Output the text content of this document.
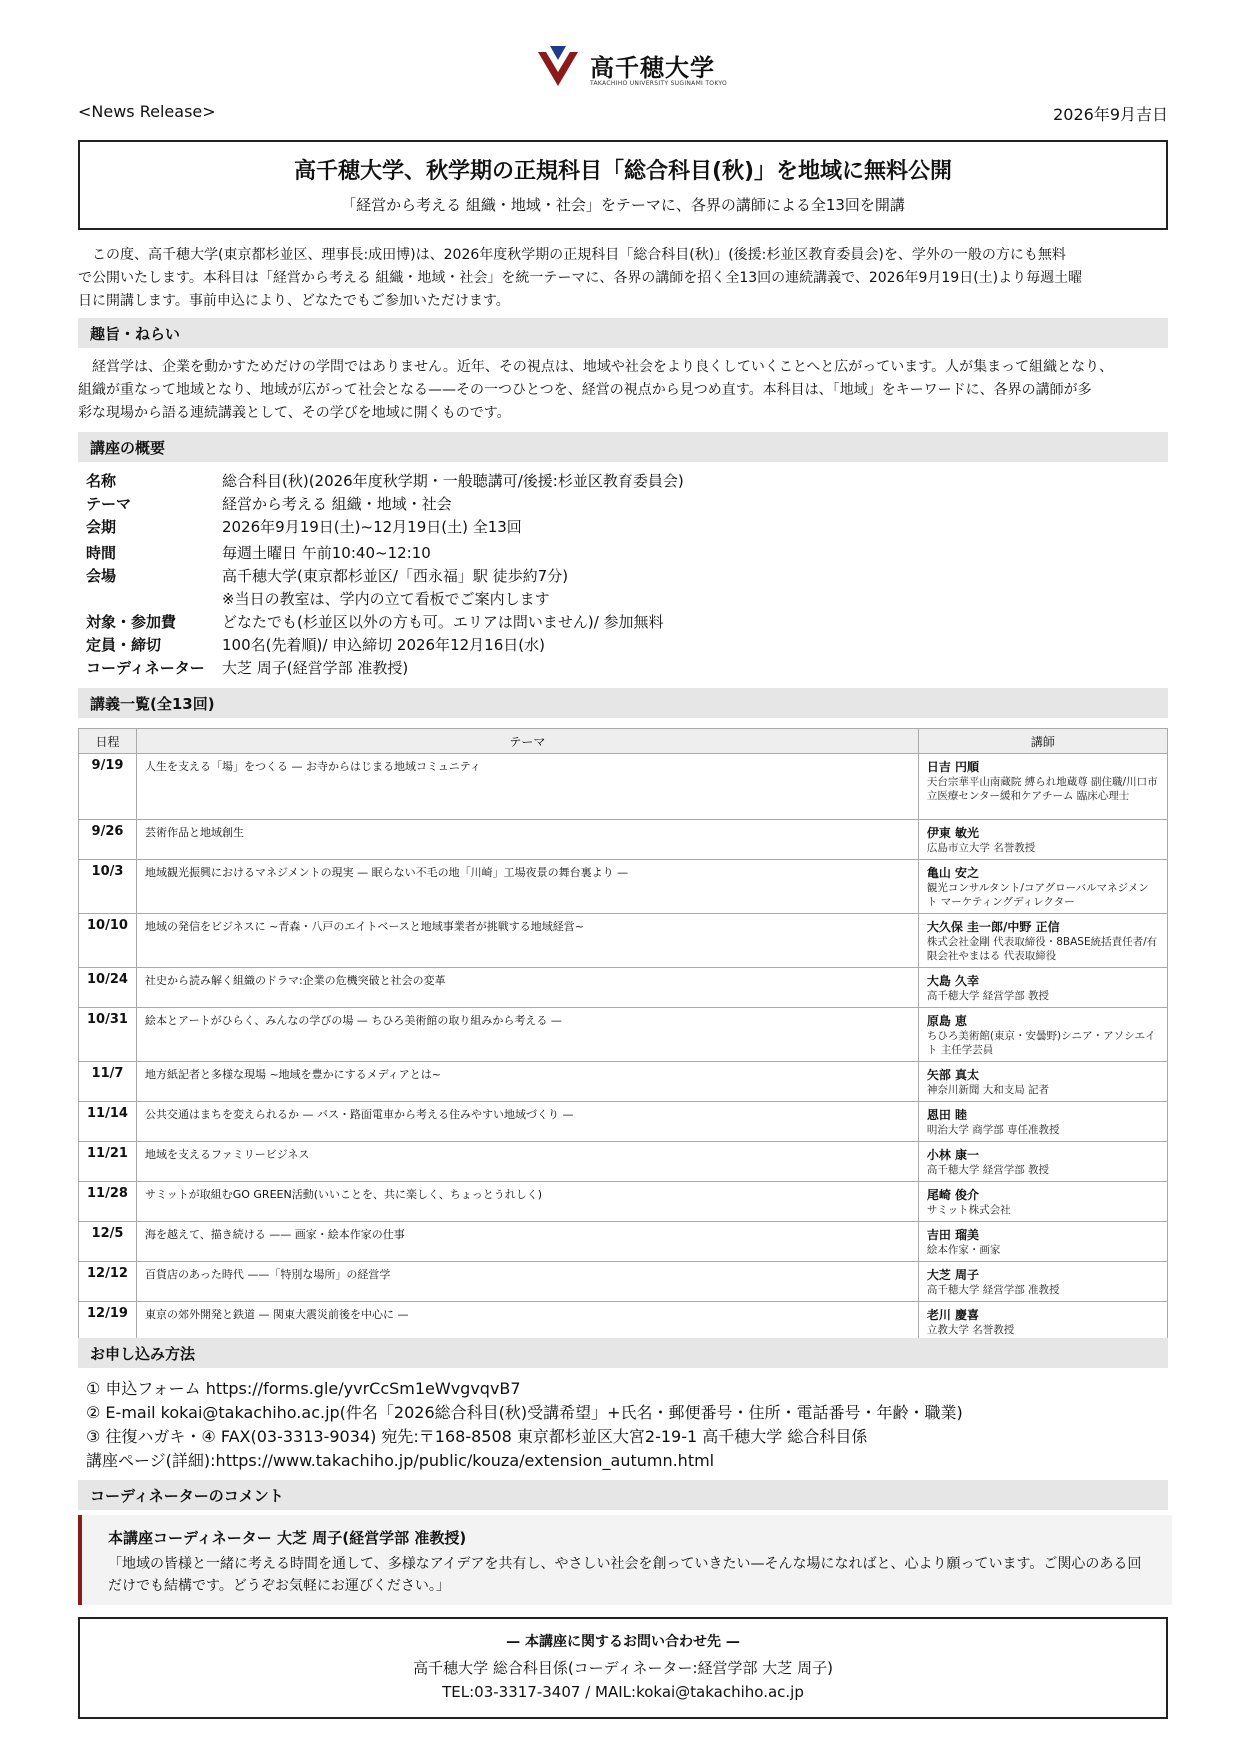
高千穂大学
TAKACHIHO UNIVERSITY SUGINAMI TOKYO
<News Release>	2026年9月吉日
高千穂大学、秋学期の正規科目「総合科目(秋)」を地域に無料公開
「経営から考える 組織・地域・社会」をテーマに、各界の講師による全13回を開講

この度、高千穂大学(東京都杉並区、理事長:成田博)は、2026年度秋学期の正規科目「総合科目(秋)」(後援:杉並区教育委員会)を、学外の一般の方にも無料

で公開いたします。本科目は「経営から考える 組織・地域・社会」を統一テーマに、各界の講師を招く全13回の連続講義で、2026年9月19日(土)より毎週土曜

日に開講します。事前申込により、どなたでもご参加いただけます。

趣旨・ねらい

経営学は、企業を動かすためだけの学問ではありません。近年、その視点は、地域や社会をより良くしていくことへと広がっています。人が集まって組織となり、

組織が重なって地域となり、地域が広がって社会となる——その一つひとつを、経営の視点から見つめ直す。本科目は、「地域」をキーワードに、各界の講師が多

彩な現場から語る連続講義として、その学びを地域に開くものです。

講座の概要
名称	総合科目(秋)(2026年度秋学期・一般聴講可/後援:杉並区教育委員会)
テーマ	経営から考える 組織・地域・社会
会期	2026年9月19日(土)~12月19日(土) 全13回
時間	毎週土曜日 午前10:40~12:10
会場	高千穂大学(東京都杉並区/「西永福」駅 徒歩約7分)
※当日の教室は、学内の立て看板でご案内します
対象・参加費	どなたでも(杉並区以外の方も可。エリアは問いません)/ 参加無料
定員・締切	100名(先着順)/ 申込締切 2026年12月16日(水)
コーディネーター 大芝 周子(経営学部 准教授)
講義一覧(全13回)
日程	テーマ	講師
9/19	人生を支える「場」をつくる — お寺からはじまる地域コミュニティ	日吉 円順
天台宗華平山南蔵院 縛られ地蔵尊 副住職/川口市立医療センター緩和ケアチーム 臨床心理士

9/26	芸術作品と地域創生	伊東 敏光
広島市立大学 名誉教授

10/3	地域観光振興におけるマネジメントの現実 — 眠らない不毛の地「川崎」工場夜景の舞台裏より —	亀山 安之
観光コンサルタント/コアグローバルマネジメント マーケティングディレクター

10/10	地域の発信をビジネスに ~青森・八戸のエイトベースと地域事業者が挑戦する地域経営~	大久保 圭一郎/中野 正信
株式会社金剛 代表取締役・8BASE統括責任者/有限会社やまはる 代表取締役

10/24	社史から読み解く組織のドラマ:企業の危機突破と社会の変革	大島 久幸
高千穂大学 経営学部 教授

10/31	絵本とアートがひらく、みんなの学びの場 — ちひろ美術館の取り組みから考える —	原島 恵
ちひろ美術館(東京・安曇野)シニア・アソシエイト 主任学芸員

11/7	地方紙記者と多様な現場 ~地域を豊かにするメディアとは~	矢部 真太
神奈川新聞 大和支局 記者

11/14	公共交通はまちを変えられるか — バス・路面電車から考える住みやすい地域づくり —	恩田 睦
明治大学 商学部 専任准教授

11/21	地域を支えるファミリービジネス	小林 康一
高千穂大学 経営学部 教授

11/28	サミットが取組むGO GREEN活動(いいことを、共に楽しく、ちょっとうれしく)	尾崎 俊介
サミット株式会社

12/5	海を越えて、描き続ける —— 画家・絵本作家の仕事	吉田 瑠美
絵本作家・画家

12/12	百貨店のあった時代 ——「特別な場所」の経営学	大芝 周子
高千穂大学 経営学部 准教授

12/19	東京の郊外開発と鉄道 — 関東大震災前後を中心に —	老川 慶喜
立教大学 名誉教授
お申し込み方法
① 申込フォーム https://forms.gle/yvrCcSm1eWvgvqvB7
② E-mail kokai@takachiho.ac.jp(件名「2026総合科目(秋)受講希望」+氏名・郵便番号・住所・電話番号・年齢・職業)
③ 往復ハガキ・④ FAX(03-3313-9034) 宛先:〒168-8508 東京都杉並区大宮2-19-1 高千穂大学 総合科目係
講座ページ(詳細):https://www.takachiho.jp/public/kouza/extension_autumn.html
コーディネーターのコメント
本講座コーディネーター 大芝 周子(経営学部 准教授)
「地域の皆様と一緒に考える時間を通して、多様なアイデアを共有し、やさしい社会を創っていきたい—そんな場になればと、心より願っています。ご関心のある回だけでも結構です。どうぞお気軽にお運びください。」
— 本講座に関するお問い合わせ先 —
高千穂大学 総合科目係(コーディネーター:経営学部 大芝 周子)
TEL:03-3317-3407 / MAIL:kokai@takachiho.ac.jp
